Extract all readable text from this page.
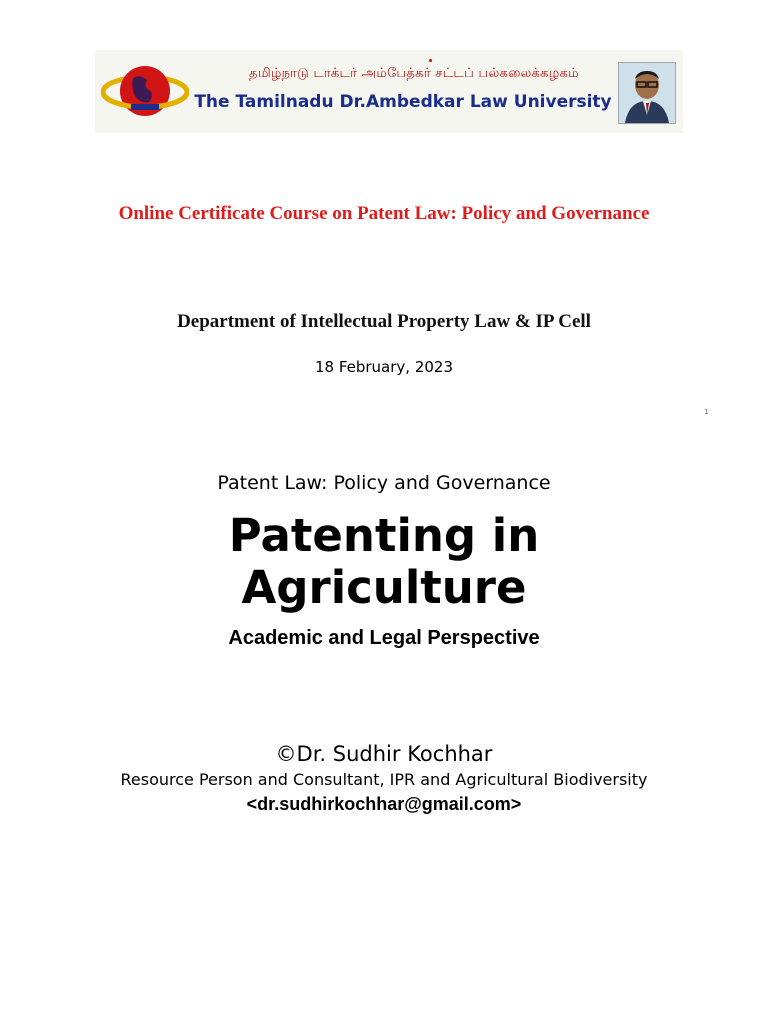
தமிழ்நாடு டாக்டர் அம்பேத்கர் சட்டப் பல்கலைக்கழகம்
The Tamilnadu Dr.Ambedkar Law University
Online Certificate Course on Patent Law: Policy and Governance
Department of Intellectual Property Law & IP Cell
18 February, 2023
1
Patent Law: Policy and Governance
Patenting in
Agriculture
Academic and Legal Perspective
©Dr. Sudhir Kochhar
Resource Person and Consultant, IPR and Agricultural Biodiversity
<dr.sudhirkochhar@gmail.com>
